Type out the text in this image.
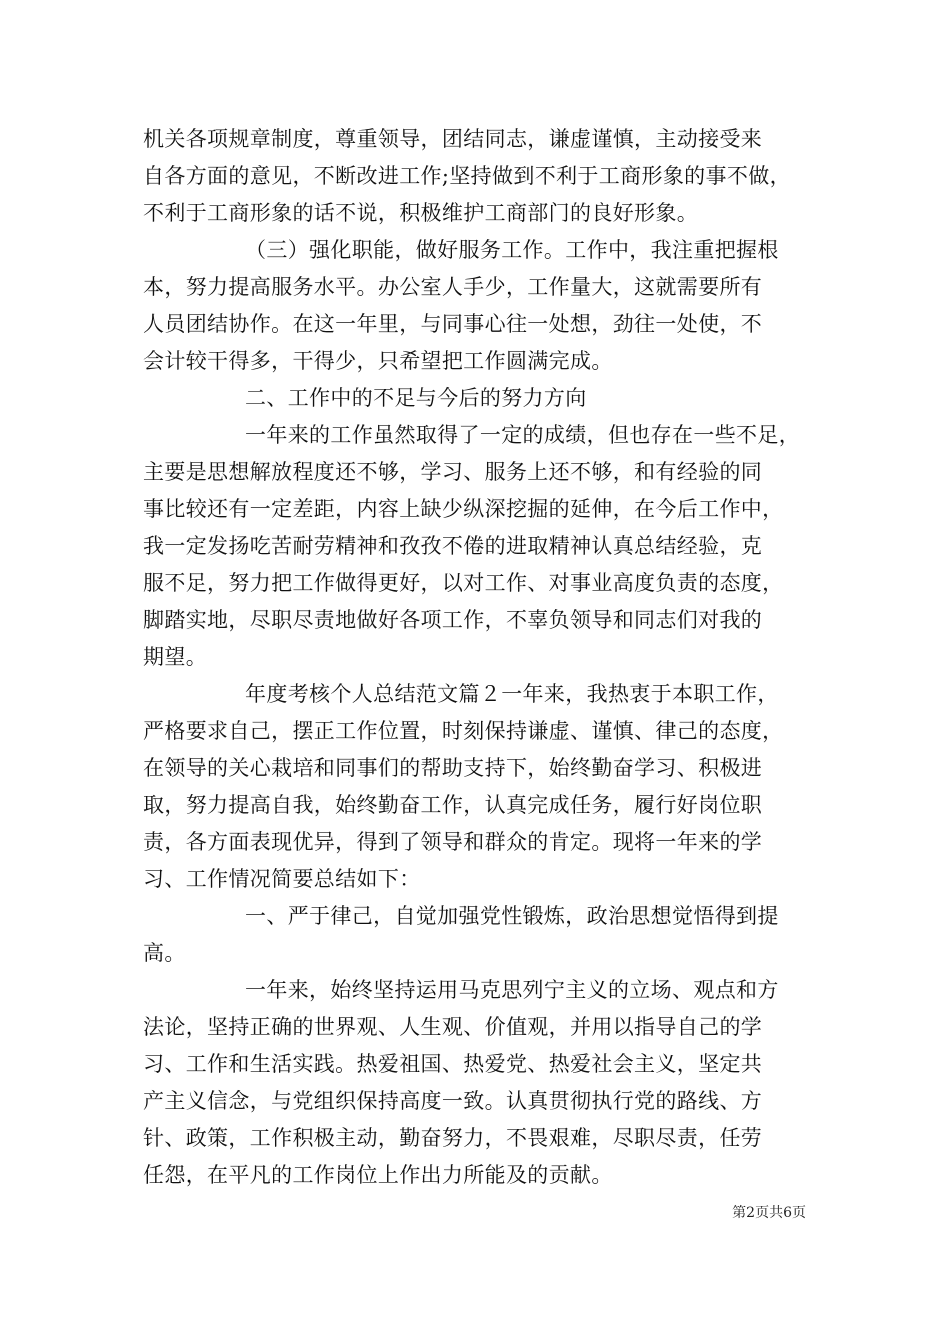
机关各项规章制度，尊重领导，团结同志，谦虚谨慎，主动接受来
自各方面的意见，不断改进工作;坚持做到不利于工商形象的事不做，
不利于工商形象的话不说，积极维护工商部门的良好形象。
（三）强化职能，做好服务工作。工作中，我注重把握根
本，努力提高服务水平。办公室人手少，工作量大，这就需要所有
人员团结协作。在这一年里，与同事心往一处想，劲往一处使，不
会计较干得多，干得少，只希望把工作圆满完成。
二、工作中的不足与今后的努力方向
一年来的工作虽然取得了一定的成绩，但也存在一些不足，
主要是思想解放程度还不够，学习、服务上还不够，和有经验的同
事比较还有一定差距，内容上缺少纵深挖掘的延伸，在今后工作中，
我一定发扬吃苦耐劳精神和孜孜不倦的进取精神认真总结经验，克
服不足，努力把工作做得更好，以对工作、对事业高度负责的态度，
脚踏实地，尽职尽责地做好各项工作，不辜负领导和同志们对我的
期望。
年度考核个人总结范文篇２一年来，我热衷于本职工作，
严格要求自己，摆正工作位置，时刻保持谦虚、谨慎、律己的态度，
在领导的关心栽培和同事们的帮助支持下，始终勤奋学习、积极进
取，努力提高自我，始终勤奋工作，认真完成任务，履行好岗位职
责，各方面表现优异，得到了领导和群众的肯定。现将一年来的学
习、工作情况简要总结如下：
一、严于律己，自觉加强党性锻炼，政治思想觉悟得到提
高。
一年来，始终坚持运用马克思列宁主义的立场、观点和方
法论，坚持正确的世界观、人生观、价值观，并用以指导自己的学
习、工作和生活实践。热爱祖国、热爱党、热爱社会主义，坚定共
产主义信念，与党组织保持高度一致。认真贯彻执行党的路线、方
针、政策，工作积极主动，勤奋努力，不畏艰难，尽职尽责，任劳
任怨，在平凡的工作岗位上作出力所能及的贡献。
第2页共6页
